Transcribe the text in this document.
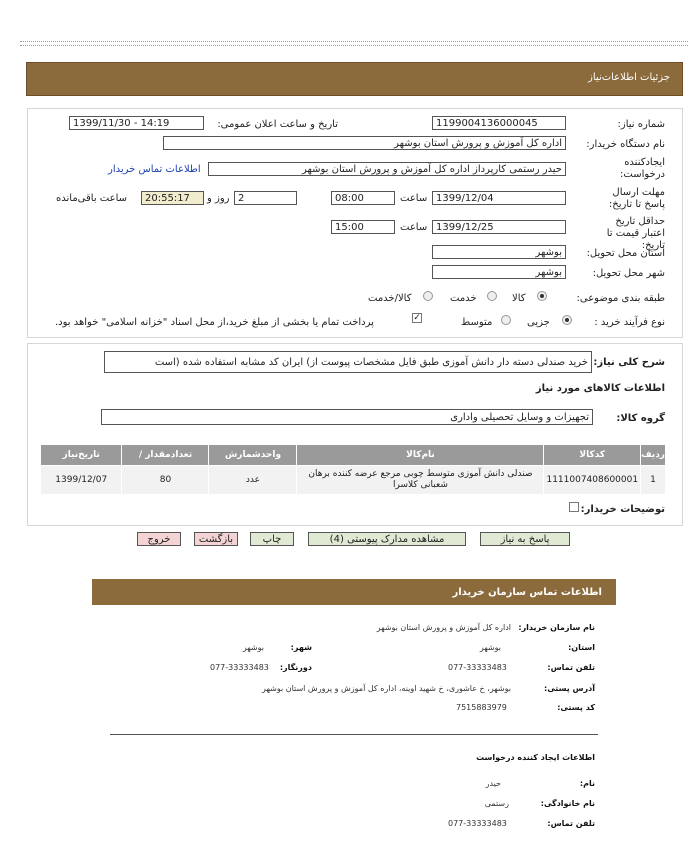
جزئیات اطلاعات‌نیاز
شماره نیاز:
1199004136000045
تاریخ و ساعت اعلان عمومی:
1399/11/30 - 14:19
نام دستگاه خریدار:
اداره کل آموزش و پرورش استان بوشهر
ایجادکننده درخواست:
حیدر رستمی کارپرداز اداره کل آموزش و پرورش استان بوشهر
اطلاعات تماس خریدار
مهلت ارسال پاسخ تا تاریخ:
1399/12/04
ساعت
08:00
2
روز و
20:55:17
ساعت باقی‌مانده
حداقل تاریخ اعتبار قیمت تا تاریخ:
1399/12/25
ساعت
15:00
استان محل تحویل:
بوشهر
شهر محل تحویل:
بوشهر
طبقه بندی موضوعی:
کالا
خدمت
کالا/خدمت
نوع فرآیند خرید :
جزیی
متوسط
✓
پرداخت تمام یا بخشی از مبلغ خرید،از محل اسناد "خزانه اسلامی" خواهد بود.
شرح کلی نیاز:
خرید صندلی دسته دار دانش آموزی طبق فایل مشخصات پیوست از) ایران کد مشابه استفاده شده (است
اطلاعات کالاهای مورد نیاز
گروه کالا:
تجهیزات و وسایل تحصیلی واداری
ردیف	کدکالا	نام‌کالا	واحدشمارش	تعدادمقدار /	تاریخ‌نیاز
1	1111007408600001	صندلی دانش آموزی متوسط چوبی مرجع عرضه کننده برهان شعبانی کلاسرا	عدد	80	1399/12/07
توضیحات خریدار:
پاسخ به نیاز
مشاهده مدارک پیوستی (4)
چاپ
بازگشت
خروج
اطلاعات تماس سازمان خریدار
نام سازمان خریدار:
اداره کل آموزش و پرورش استان بوشهر
استان:
بوشهر
شهر:
بوشهر
تلفن تماس:
077-33333483
دورنگار:
077-33333483
آدرس پستی:
بوشهر، خ عاشوری، خ شهید اوینه، اداره کل آموزش و پرورش استان بوشهر
کد پستی:
7515883979
اطلاعات ایجاد کننده درخواست
نام:
حیدر
نام خانوادگی:
رستمی
تلفن تماس:
077-33333483
